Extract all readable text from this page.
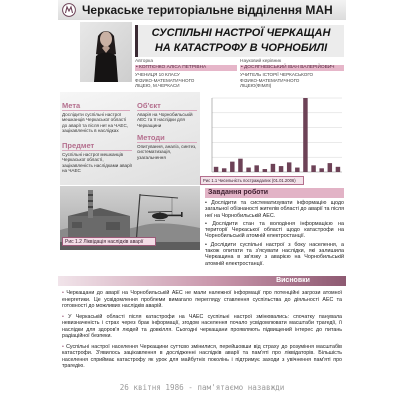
Черкаське територіальне відділення МАН
СУСПІЛЬНІ НАСТРОЇ ЧЕРКАЩАН
НА КАТАСТРОФУ В ЧОРНОБИЛІ
Авторка
• КОПТЄНКО АЛІСА ПЕТРІВНА
УЧЕНИЦЯ 10 КЛАСУ
ФІЗИКО-МАТЕМАТИЧНОГО
ЛІЦЕЮ, М.ЧЕРКАСИ
Науковий керівник
• ДОСЯГНЕВСЬКИЙ ІВАН ВАЛЕРІЙОВИЧ
УЧИТЕЛЬ ІСТОРІЇ ЧЕРКАСЬКОГО
ФІЗИКО-МАТЕМАТИЧНОГО
ЛІЦЕЮ(ФІМЛІ)
Мета
Дослідити суспільні настрої мешканців Черкаської області до аварії та після неї на ЧАЕС, зацікавленість в наслідках
Об'єкт
Аварія на Чорнобильській АЕС та її наслідки для Черкащини
Предмет
Суспільні настрої мешканців Черкаської області, зацікавленість наслідками аварії на ЧАЕС
Методи
Опитування, аналіз, синтез, систематизація, узагальнення
Рис 1.1 Чисельність постраждалих (01.01.2006)
Рис 1.2 Ліквідація наслідків аварії
Завдання роботи
• Дослідити та систематизувати інформацію щодо загальної обізнаності жителів області до аварії та після неї на Чорнобильській АЕС.
• Дослідити стан та володіння інформацією на території Черкаської області щодо катастрофи на Чорнобильській атомній електростанції.
• Дослідити суспільні настрої з боку населення, а також опитати та з'ясувати наслідки, які залишила Черкащина в зв'язку з аварією на Чорнобильській атомній електростанції.
Висновки
• Черкащани до аварії на Чорнобильській АЕС не мали належної інформації про потенційні загрози атомної енергетики. Це усвідомлення проблеми вимагало перегляду ставлення суспільства до діяльності АЕС та готовності до можливих наслідків аварій.
• У Черкаській області після катастрофи на ЧАЕС суспільні настрої змінювались: спочатку панувала невизначеність і страх через брак інформації, згодом населення почало усвідомлювати масштаби трагедії, її наслідки для здоров'я людей та довкілля. Сьогодні черкащани проявляють підвищений інтерес до питань радіаційної безпеки.
• Суспільні настрої населення Черкащини суттєво змінилися, перейшовши від страху до розуміння масштабів катастрофи. З'явилось зацікавлення в дослідженні наслідків аварії та пам'яті про ліквідаторів. Більшість населення сприймає катастрофу як урок для майбутніх поколінь і підтримує заходи з увічнення пам'яті про трагедію.
26 квітня 1986 - пам'ятаємо назавжди
